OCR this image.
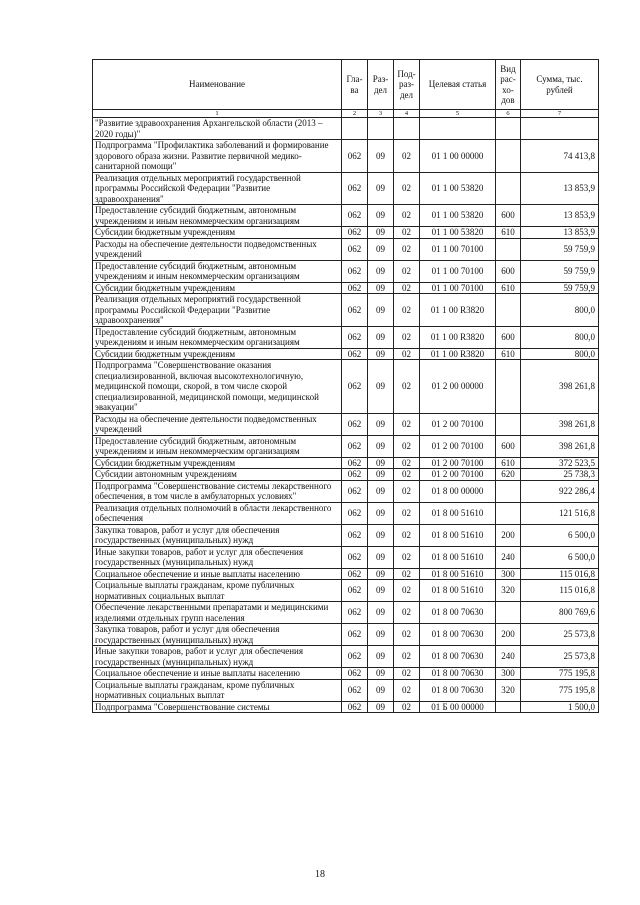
Наименование	Гла-ва	Раз-дел	Под-раз-дел	Целевая статья	Вид рас-хо-дов	Сумма, тыс. рублей
1	2	3	4	5	6	7
"Развитие здравоохранения Архангельской области (2013 – 2020 годы)"						
Подпрограмма "Профилактика заболеваний и формирование здорового образа жизни. Развитие первичной медико-санитарной помощи"	062	09	02	01 1 00 00000		74 413,8
Реализация отдельных мероприятий государственной программы Российской Федерации "Развитие здравоохранения"	062	09	02	01 1 00 53820		13 853,9
Предоставление субсидий бюджетным, автономным учреждениям и иным некоммерческим организациям	062	09	02	01 1 00 53820	600	13 853,9
Субсидии бюджетным учреждениям	062	09	02	01 1 00 53820	610	13 853,9
Расходы на обеспечение деятельности подведомственных учреждений	062	09	02	01 1 00 70100		59 759,9
Предоставление субсидий бюджетным, автономным учреждениям и иным некоммерческим организациям	062	09	02	01 1 00 70100	600	59 759,9
Субсидии бюджетным учреждениям	062	09	02	01 1 00 70100	610	59 759,9
Реализация отдельных мероприятий государственной программы Российской Федерации "Развитие здравоохранения"	062	09	02	01 1 00 R3820		800,0
Предоставление субсидий бюджетным, автономным учреждениям и иным некоммерческим организациям	062	09	02	01 1 00 R3820	600	800,0
Субсидии бюджетным учреждениям	062	09	02	01 1 00 R3820	610	800,0
Подпрограмма "Совершенствование оказания специализированной, включая высокотехнологичную, медицинской помощи, скорой, в том числе скорой специализированной, медицинской помощи, медицинской эвакуации"	062	09	02	01 2 00 00000		398 261,8
Расходы на обеспечение деятельности подведомственных учреждений	062	09	02	01 2 00 70100		398 261,8
Предоставление субсидий бюджетным, автономным учреждениям и иным некоммерческим организациям	062	09	02	01 2 00 70100	600	398 261,8
Субсидии бюджетным учреждениям	062	09	02	01 2 00 70100	610	372 523,5
Субсидии автономным учреждениям	062	09	02	01 2 00 70100	620	25 738,3
Подпрограмма "Совершенствование системы лекарственного обеспечения, в том числе в амбулаторных условиях"	062	09	02	01 8 00 00000		922 286,4
Реализация отдельных полномочий в области лекарственного обеспечения	062	09	02	01 8 00 51610		121 516,8
Закупка товаров, работ и услуг для обеспечения государственных (муниципальных) нужд	062	09	02	01 8 00 51610	200	6 500,0
Иные закупки товаров, работ и услуг для обеспечения государственных (муниципальных) нужд	062	09	02	01 8 00 51610	240	6 500,0
Социальное обеспечение и иные выплаты населению	062	09	02	01 8 00 51610	300	115 016,8
Социальные выплаты гражданам, кроме публичных нормативных социальных выплат	062	09	02	01 8 00 51610	320	115 016,8
Обеспечение лекарственными препаратами и медицинскими изделиями отдельных групп населения	062	09	02	01 8 00 70630		800 769,6
Закупка товаров, работ и услуг для обеспечения государственных (муниципальных) нужд	062	09	02	01 8 00 70630	200	25 573,8
Иные закупки товаров, работ и услуг для обеспечения государственных (муниципальных) нужд	062	09	02	01 8 00 70630	240	25 573,8
Социальное обеспечение и иные выплаты населению	062	09	02	01 8 00 70630	300	775 195,8
Социальные выплаты гражданам, кроме публичных нормативных социальных выплат	062	09	02	01 8 00 70630	320	775 195,8
Подпрограмма "Совершенствование системы	062	09	02	01 Б 00 00000		1 500,0
18
